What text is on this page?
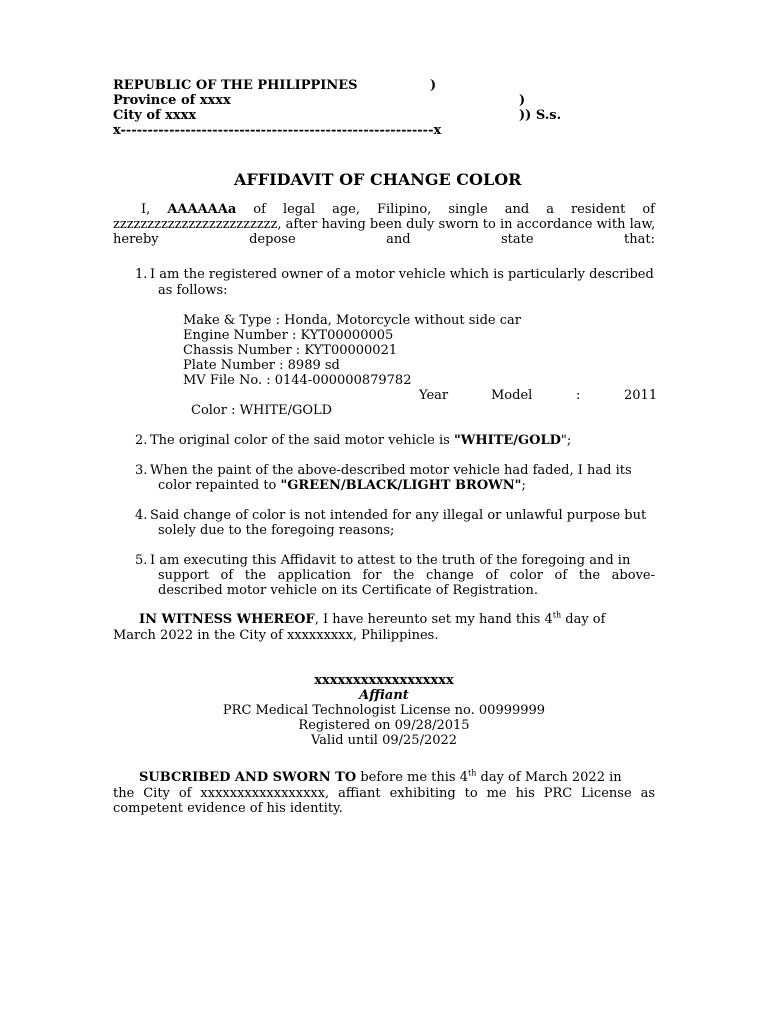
REPUBLIC OF THE PHILIPPINES	)
Province of xxxx	)
City of xxxx	)) S.s.
x----------------------------------------------------------x
AFFIDAVIT OF CHANGE COLOR
I, AAAAAAa of legal age, Filipino, single and a resident of
zzzzzzzzzzzzzzzzzzzzzzzz, after having been duly sworn to in accordance with law,
hereby depose and state that:
1. I am the registered owner of a motor vehicle which is particularly described
as follows:
Make & Type : Honda, Motorcycle without side car
Engine Number : KYT00000005
Chassis Number : KYT00000021
Plate Number : 8989 sd
MV File No. : 0144-000000879782
Year	Model	:	2011
Color : WHITE/GOLD
2. The original color of the said motor vehicle is "WHITE/GOLD";
3. When the paint of the above-described motor vehicle had faded, I had its
color repainted to "GREEN/BLACK/LIGHT BROWN";
4. Said change of color is not intended for any illegal or unlawful purpose but
solely due to the foregoing reasons;
5. I am executing this Affidavit to attest to the truth of the foregoing and in
support of the application for the change of color of the above-
described motor vehicle on its Certificate of Registration.
IN WITNESS WHEREOF, I have hereunto set my hand this 4th day of
March 2022 in the City of xxxxxxxxx, Philippines.
xxxxxxxxxxxxxxxxxx
Affiant
PRC Medical Technologist License no. 00999999
Registered on 09/28/2015
Valid until 09/25/2022
SUBCRIBED AND SWORN TO before me this 4th day of March 2022 in
the City of xxxxxxxxxxxxxxxxx, affiant exhibiting to me his PRC License as
competent evidence of his identity.
